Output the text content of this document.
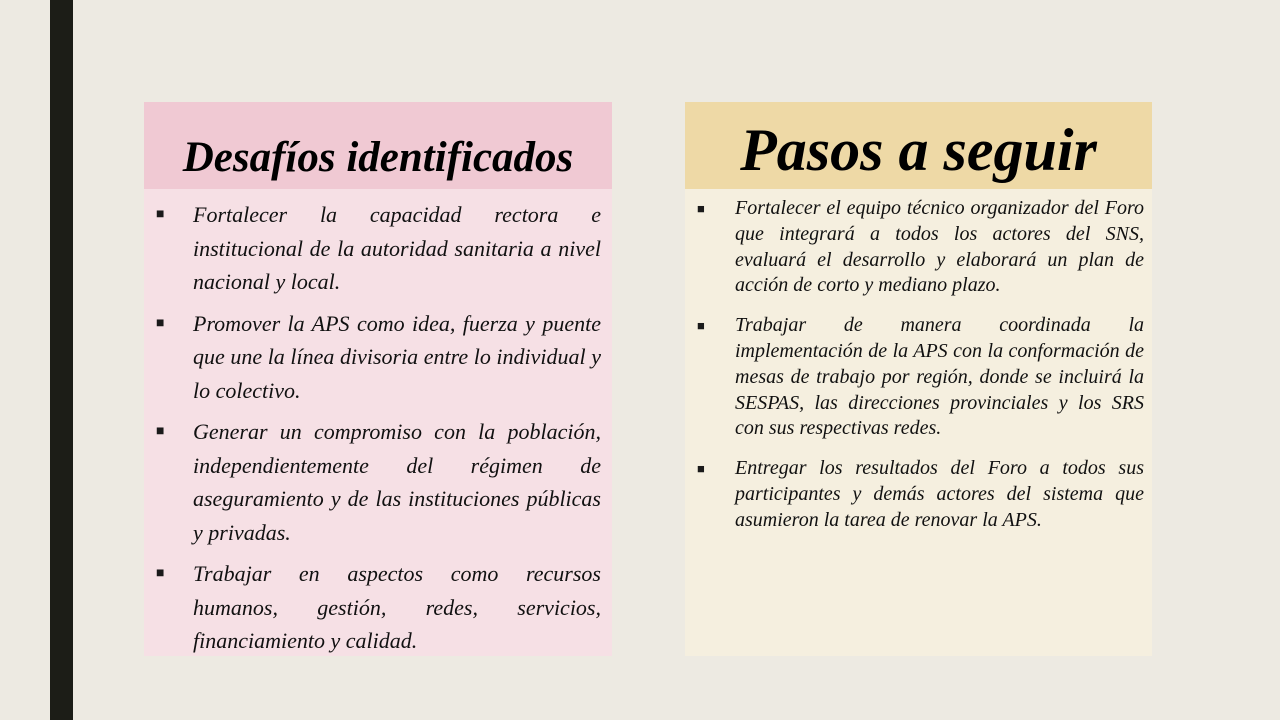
Desafíos identificados
■ Fortalecer la capacidad rectora e institucional de la autoridad sanitaria a nivel nacional y local.
■ Promover la APS como idea, fuerza y puente que une la línea divisoria entre lo individual y lo colectivo.
■ Generar un compromiso con la población, independientemente del régimen de aseguramiento y de las instituciones públicas y privadas.
■ Trabajar en aspectos como recursos humanos, gestión, redes, servicios, financiamiento y calidad.
Pasos a seguir
■ Fortalecer el equipo técnico organizador del Foro que integrará a todos los actores del SNS, evaluará el desarrollo y elaborará un plan de acción de corto y mediano plazo.
■ Trabajar de manera coordinada la implementación de la APS con la conformación de mesas de trabajo por región, donde se incluirá la SESPAS, las direcciones provinciales y los SRS con sus respectivas redes.
■ Entregar los resultados del Foro a todos sus participantes y demás actores del sistema que asumieron la tarea de renovar la APS.
